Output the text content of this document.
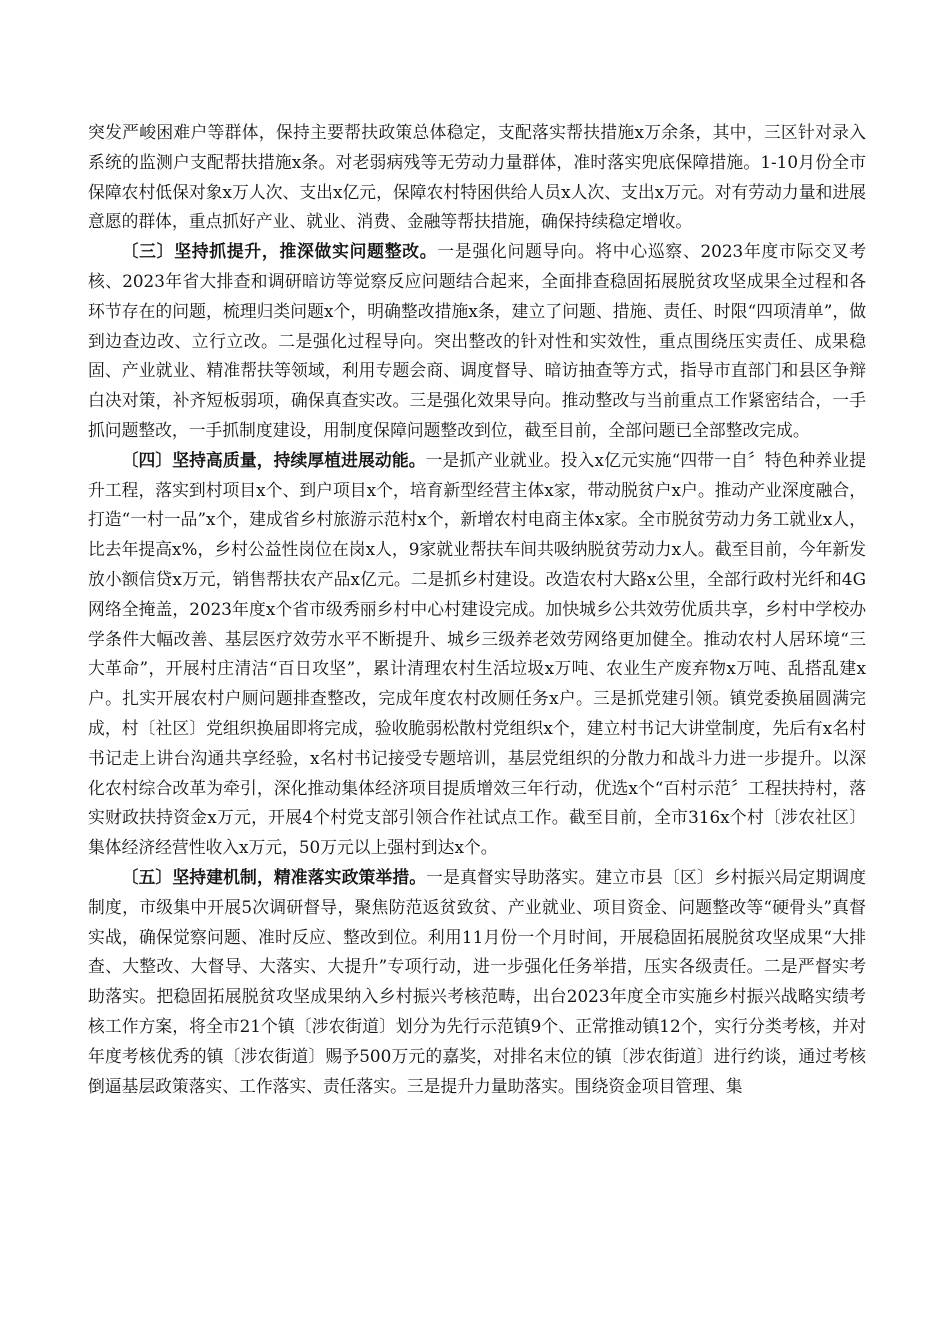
突发严峻困难户等群体，保持主要帮扶政策总体稳定，支配落实帮扶措施x万余条，其中，三区针对录入系统的监测户支配帮扶措施x条。对老弱病残等无劳动力量群体，准时落实兜底保障措施。1-10月份全市保障农村低保对象x万人次、支出x亿元，保障农村特困供给人员x人次、支出x万元。对有劳动力量和进展意愿的群体，重点抓好产业、就业、消费、金融等帮扶措施，确保持续稳定增收。

〔三〕坚持抓提升，推深做实问题整改。一是强化问题导向。将中心巡察、2023年度市际交叉考核、2023年省大排查和调研暗访等觉察反应问题结合起来，全面排查稳固拓展脱贫攻坚成果全过程和各环节存在的问题，梳理归类问题x个，明确整改措施x条，建立了问题、措施、责任、时限“四项清单”，做到边查边改、立行立改。二是强化过程导向。突出整改的针对性和实效性，重点围绕压实责任、成果稳固、产业就业、精准帮扶等领域，利用专题会商、调度督导、暗访抽查等方式，指导市直部门和县区争辩白决对策，补齐短板弱项，确保真查实改。三是强化效果导向。推动整改与当前重点工作紧密结合，一手抓问题整改，一手抓制度建设，用制度保障问题整改到位，截至目前，全部问题已全部整改完成。

〔四〕坚持高质量，持续厚植进展动能。一是抓产业就业。投入x亿元实施“四带一自〞特色种养业提升工程，落实到村项目x个、到户项目x个，培育新型经营主体x家，带动脱贫户x户。推动产业深度融合，打造“一村一品”x个，建成省乡村旅游示范村x个，新增农村电商主体x家。全市脱贫劳动力务工就业x人，比去年提高x%，乡村公益性岗位在岗x人，9家就业帮扶车间共吸纳脱贫劳动力x人。截至目前，今年新发放小额信贷x万元，销售帮扶农产品x亿元。二是抓乡村建设。改造农村大路x公里，全部行政村光纤和4G网络全掩盖，2023年度x个省市级秀丽乡村中心村建设完成。加快城乡公共效劳优质共享，乡村中学校办学条件大幅改善、基层医疗效劳水平不断提升、城乡三级养老效劳网络更加健全。推动农村人居环境“三大革命”，开展村庄清洁“百日攻坚”，累计清理农村生活垃圾x万吨、农业生产废弃物x万吨、乱搭乱建x户。扎实开展农村户厕问题排查整改，完成年度农村改厕任务x户。三是抓党建引领。镇党委换届圆满完成，村〔社区〕党组织换届即将完成，验收脆弱松散村党组织x个，建立村书记大讲堂制度，先后有x名村书记走上讲台沟通共享经验，x名村书记接受专题培训，基层党组织的分散力和战斗力进一步提升。以深化农村综合改革为牵引，深化推动集体经济项目提质增效三年行动，优选x个“百村示范〞工程扶持村，落实财政扶持资金x万元，开展4个村党支部引领合作社试点工作。截至目前，全市316x个村〔涉农社区〕集体经济经营性收入x万元，50万元以上强村到达x个。

〔五〕坚持建机制，精准落实政策举措。一是真督实导助落实。建立市县〔区〕乡村振兴局定期调度制度，市级集中开展5次调研督导，聚焦防范返贫致贫、产业就业、项目资金、问题整改等“硬骨头”真督实战，确保觉察问题、准时反应、整改到位。利用11月份一个月时间，开展稳固拓展脱贫攻坚成果“大排查、大整改、大督导、大落实、大提升”专项行动，进一步强化任务举措，压实各级责任。二是严督实考助落实。把稳固拓展脱贫攻坚成果纳入乡村振兴考核范畴，出台2023年度全市实施乡村振兴战略实绩考核工作方案，将全市21个镇〔涉农街道〕划分为先行示范镇9个、正常推动镇12个，实行分类考核，并对年度考核优秀的镇〔涉农街道〕赐予500万元的嘉奖，对排名末位的镇〔涉农街道〕进行约谈，通过考核倒逼基层政策落实、工作落实、责任落实。三是提升力量助落实。围绕资金项目管理、集
